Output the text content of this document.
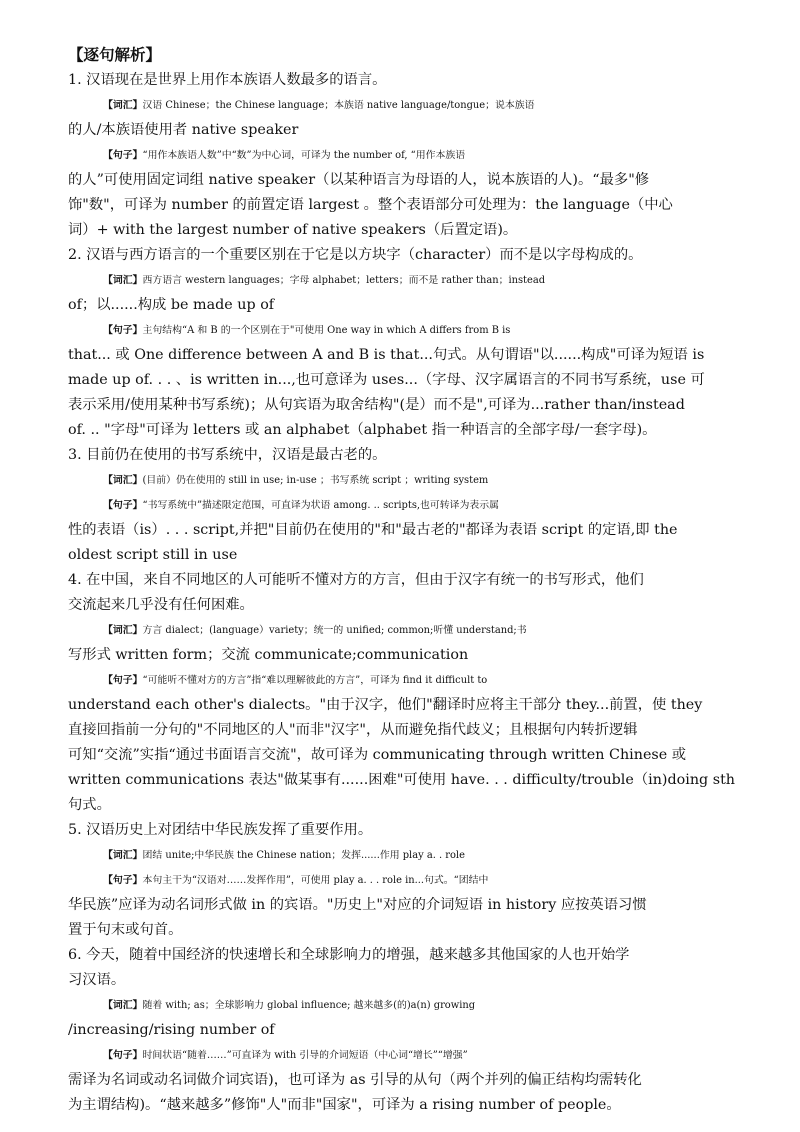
【逐句解析】
1. 汉语现在是世界上用作本族语人数最多的语言。
【词汇】汉语 Chinese；the Chinese language；本族语 native language/tongue；说本族语
的人/本族语使用者 native speaker
【句子】“用作本族语人数”中“数”为中心词，可译为 the number of, “用作本族语
的人”可使用固定词组 native speaker（以某种语言为母语的人，说本族语的人)。“最多"修
饰"数"，可译为 number 的前置定语 largest 。整个表语部分可处理为：the language（中心
词）+ with the largest number of native speakers（后置定语)。
2. 汉语与西方语言的一个重要区别在于它是以方块字（character）而不是以字母构成的。
【词汇】西方语言 western languages；字母 alphabet；letters；而不是 rather than；instead
of；以......构成 be made up of
【句子】主句结构“A 和 B 的一个区别在于"可使用 One way in which A differs from B is
that... 或 One difference between A and B is that...句式。从句谓语"以......构成"可译为短语 is
made up of. . . 、is written in...,也可意译为 uses...（字母、汉字属语言的不同书写系统，use 可
表示采用/使用某种书写系统)；从句宾语为取舍结构"(是）而不是",可译为...rather than/instead
of. .. "字母"可译为 letters 或 an alphabet（alphabet 指一种语言的全部字母/一套字母)。
3. 目前仍在使用的书写系统中，汉语是最古老的。
【词汇】(目前）仍在使用的 still in use; in-use ；书写系统 script ；writing system
【句子】“书写系统中”描述限定范围，可直译为状语 among. .. scripts,也可转译为表示属
性的表语（is）. . . script,并把"目前仍在使用的"和"最古老的"都译为表语 script 的定语,即 the
oldest script still in use
4. 在中国，来自不同地区的人可能听不懂对方的方言，但由于汉字有统一的书写形式，他们
交流起来几乎没有任何困难。
【词汇】方言 dialect；(language）variety；统一的 unified; common;听懂 understand;书
写形式 written form；交流 communicate;communication
【句子】“可能听不懂对方的方言”指“难以理解彼此的方言”，可译为 find it difficult to
understand each other's dialects。"由于汉字，他们"翻译时应将主干部分 they...前置，使 they
直接回指前一分句的"不同地区的人"而非"汉字"，从而避免指代歧义；且根据句内转折逻辑
可知“交流”实指“通过书面语言交流"，故可译为 communicating through written Chinese 或
written communications 表达"做某事有......困难"可使用 have. . . difficulty/trouble（in)doing sth
句式。
5. 汉语历史上对团结中华民族发挥了重要作用。
【词汇】团结 unite;中华民族 the Chinese nation；发挥......作用 play a. . role
【句子】本句主干为“汉语对……发挥作用”，可使用 play a. . . role in...句式。“团结中
华民族”应译为动名词形式做 in 的宾语。"历史上"对应的介词短语 in history 应按英语习惯
置于句末或句首。
6. 今天，随着中国经济的快速增长和全球影响力的增强，越来越多其他国家的人也开始学
习汉语。
【词汇】随着 with; as；全球影响力 global influence; 越来越多(的)a(n) growing
/increasing/rising number of
【句子】时间状语“随着……”可直译为 with 引导的介词短语（中心词“增长”“增强”
需译为名词或动名词做介词宾语)，也可译为 as 引导的从句（两个并列的偏正结构均需转化
为主谓结构)。“越来越多”修饰"人"而非"国家"，可译为 a rising number of people。
